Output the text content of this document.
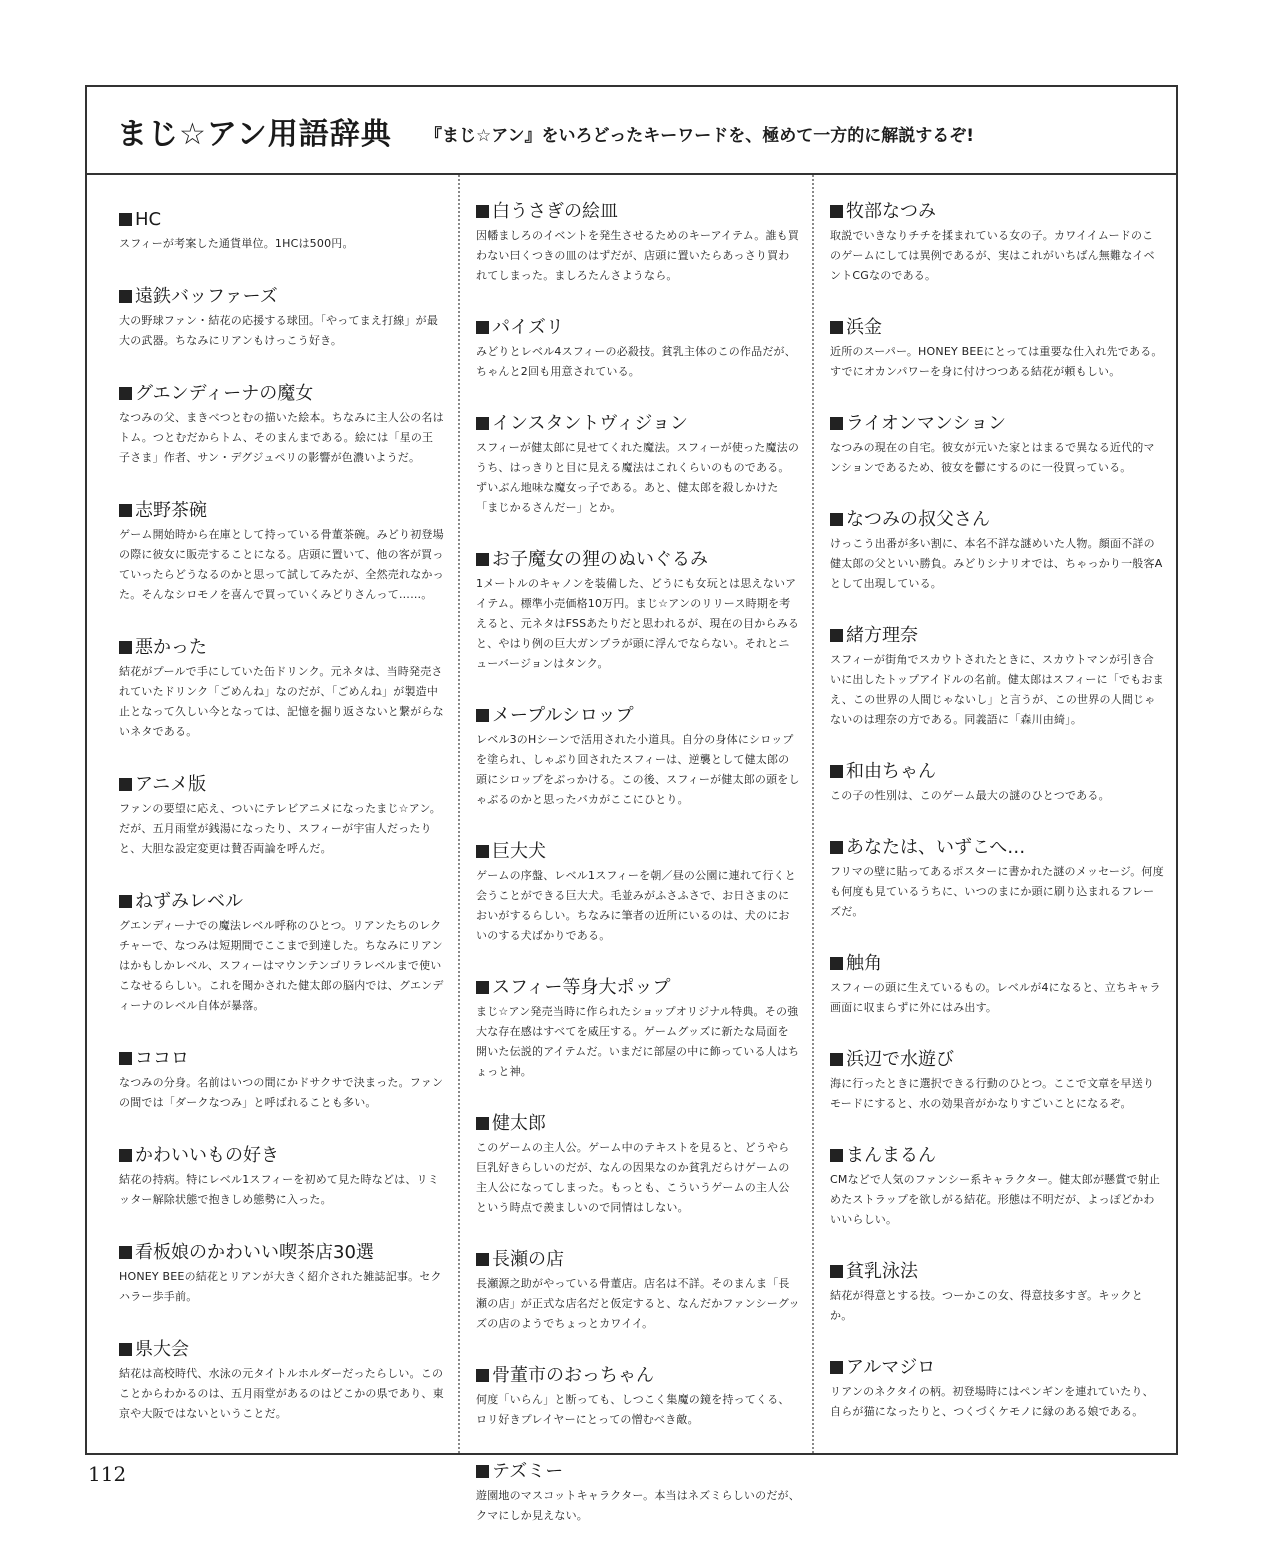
まじ☆アン用語辞典 『まじ☆アン』をいろどったキーワードを、極めて一方的に解説するぞ!

HC

スフィーが考案した通貨単位。1HCは500円。

遠鉄バッファーズ

大の野球ファン・結花の応援する球団。「やってまえ打線」が最大の武器。ちなみにリアンもけっこう好き。

グエンディーナの魔女

なつみの父、まきべつとむの描いた絵本。ちなみに主人公の名はトム。つとむだからトム、そのまんまである。絵には「星の王子さま」作者、サン・デグジュペリの影響が色濃いようだ。

志野茶碗

ゲーム開始時から在庫として持っている骨董茶碗。みどり初登場の際に彼女に販売することになる。店頭に置いて、他の客が買っていったらどうなるのかと思って試してみたが、全然売れなかった。そんなシロモノを喜んで買っていくみどりさんって……。

悪かった

結花がプールで手にしていた缶ドリンク。元ネタは、当時発売されていたドリンク「ごめんね」なのだが、「ごめんね」が製造中止となって久しい今となっては、記憶を掘り返さないと繋がらないネタである。

アニメ版

ファンの要望に応え、ついにテレビアニメになったまじ☆アン。だが、五月雨堂が銭湯になったり、スフィーが宇宙人だったりと、大胆な設定変更は賛否両論を呼んだ。

ねずみレベル

グエンディーナでの魔法レベル呼称のひとつ。リアンたちのレクチャーで、なつみは短期間でここまで到達した。ちなみにリアンはかもしかレベル、スフィーはマウンテンゴリラレベルまで使いこなせるらしい。これを聞かされた健太郎の脳内では、グエンディーナのレベル自体が暴落。

ココロ

なつみの分身。名前はいつの間にかドサクサで決まった。ファンの間では「ダークなつみ」と呼ばれることも多い。

かわいいもの好き

結花の持病。特にレベル1スフィーを初めて見た時などは、リミッター解除状態で抱きしめ態勢に入った。

看板娘のかわいい喫茶店30選

HONEY BEEの結花とリアンが大きく紹介された雑誌記事。セクハラー歩手前。

県大会

結花は高校時代、水泳の元タイトルホルダーだったらしい。このことからわかるのは、五月雨堂があるのはどこかの県であり、東京や大阪ではないということだ。

白うさぎの絵皿

因幡ましろのイベントを発生させるためのキーアイテム。誰も買わない曰くつきの皿のはずだが、店頭に置いたらあっさり買われてしまった。ましろたんさようなら。

パイズリ

みどりとレベル4スフィーの必殺技。貧乳主体のこの作品だが、ちゃんと2回も用意されている。

インスタントヴィジョン

スフィーが健太郎に見せてくれた魔法。スフィーが使った魔法のうち、はっきりと目に見える魔法はこれくらいのものである。ずいぶん地味な魔女っ子である。あと、健太郎を殺しかけた「まじかるさんだー」とか。

お子魔女の狸のぬいぐるみ

1メートルのキャノンを装備した、どうにも女玩とは思えないアイテム。標準小売価格10万円。まじ☆アンのリリース時期を考えると、元ネタはFSSあたりだと思われるが、現在の目からみると、やはり例の巨大ガンプラが頭に浮んでならない。それとニューバージョンはタンク。

メープルシロップ

レベル3のHシーンで活用された小道具。自分の身体にシロップを塗られ、しゃぶり回されたスフィーは、逆襲として健太郎の頭にシロップをぶっかける。この後、スフィーが健太郎の頭をしゃぶるのかと思ったバカがここにひとり。

巨大犬

ゲームの序盤、レベル1スフィーを朝／昼の公園に連れて行くと会うことができる巨大犬。毛並みがふさふさで、お日さまのにおいがするらしい。ちなみに筆者の近所にいるのは、犬のにおいのする犬ばかりである。

スフィー等身大ポップ

まじ☆アン発売当時に作られたショップオリジナル特典。その強大な存在感はすべてを威圧する。ゲームグッズに新たな局面を開いた伝説的アイテムだ。いまだに部屋の中に飾っている人はちょっと神。

健太郎

このゲームの主人公。ゲーム中のテキストを見ると、どうやら巨乳好きらしいのだが、なんの因果なのか貧乳だらけゲームの主人公になってしまった。もっとも、こういうゲームの主人公という時点で羨ましいので同情はしない。

長瀬の店

長瀬源之助がやっている骨董店。店名は不詳。そのまんま「長瀬の店」が正式な店名だと仮定すると、なんだかファンシーグッズの店のようでちょっとカワイイ。

骨董市のおっちゃん

何度「いらん」と断っても、しつこく集魔の鏡を持ってくる、ロリ好きプレイヤーにとっての憎むべき敵。

テズミー

遊園地のマスコットキャラクター。本当はネズミらしいのだが、クマにしか見えない。

牧部なつみ

取説でいきなりチチを揉まれている女の子。カワイイムードのこのゲームにしては異例であるが、実はこれがいちばん無難なイベントCGなのである。

浜金

近所のスーパー。HONEY BEEにとっては重要な仕入れ先である。すでにオカンパワーを身に付けつつある結花が頼もしい。

ライオンマンション

なつみの現在の自宅。彼女が元いた家とはまるで異なる近代的マンションであるため、彼女を鬱にするのに一役買っている。

なつみの叔父さん

けっこう出番が多い割に、本名不詳な謎めいた人物。顔面不詳の健太郎の父といい勝負。みどりシナリオでは、ちゃっかり一般客Aとして出現している。

緒方理奈

スフィーが街角でスカウトされたときに、スカウトマンが引き合いに出したトップアイドルの名前。健太郎はスフィーに「でもおまえ、この世界の人間じゃないし」と言うが、この世界の人間じゃないのは理奈の方である。同義語に「森川由綺」。

和由ちゃん

この子の性別は、このゲーム最大の謎のひとつである。

あなたは、いずこへ…

フリマの壁に貼ってあるポスターに書かれた謎のメッセージ。何度も何度も見ているうちに、いつのまにか頭に刷り込まれるフレーズだ。

触角

スフィーの頭に生えているもの。レベルが4になると、立ちキャラ画面に収まらずに外にはみ出す。

浜辺で水遊び

海に行ったときに選択できる行動のひとつ。ここで文章を早送りモードにすると、水の効果音がかなりすごいことになるぞ。

まんまるん

CMなどで人気のファンシー系キャラクター。健太郎が懸賞で射止めたストラップを欲しがる結花。形態は不明だが、よっぽどかわいいらしい。

貧乳泳法

結花が得意とする技。つーかこの女、得意技多すぎ。キックとか。

アルマジロ

リアンのネクタイの柄。初登場時にはペンギンを連れていたり、自らが猫になったりと、つくづくケモノに縁のある娘である。

112
